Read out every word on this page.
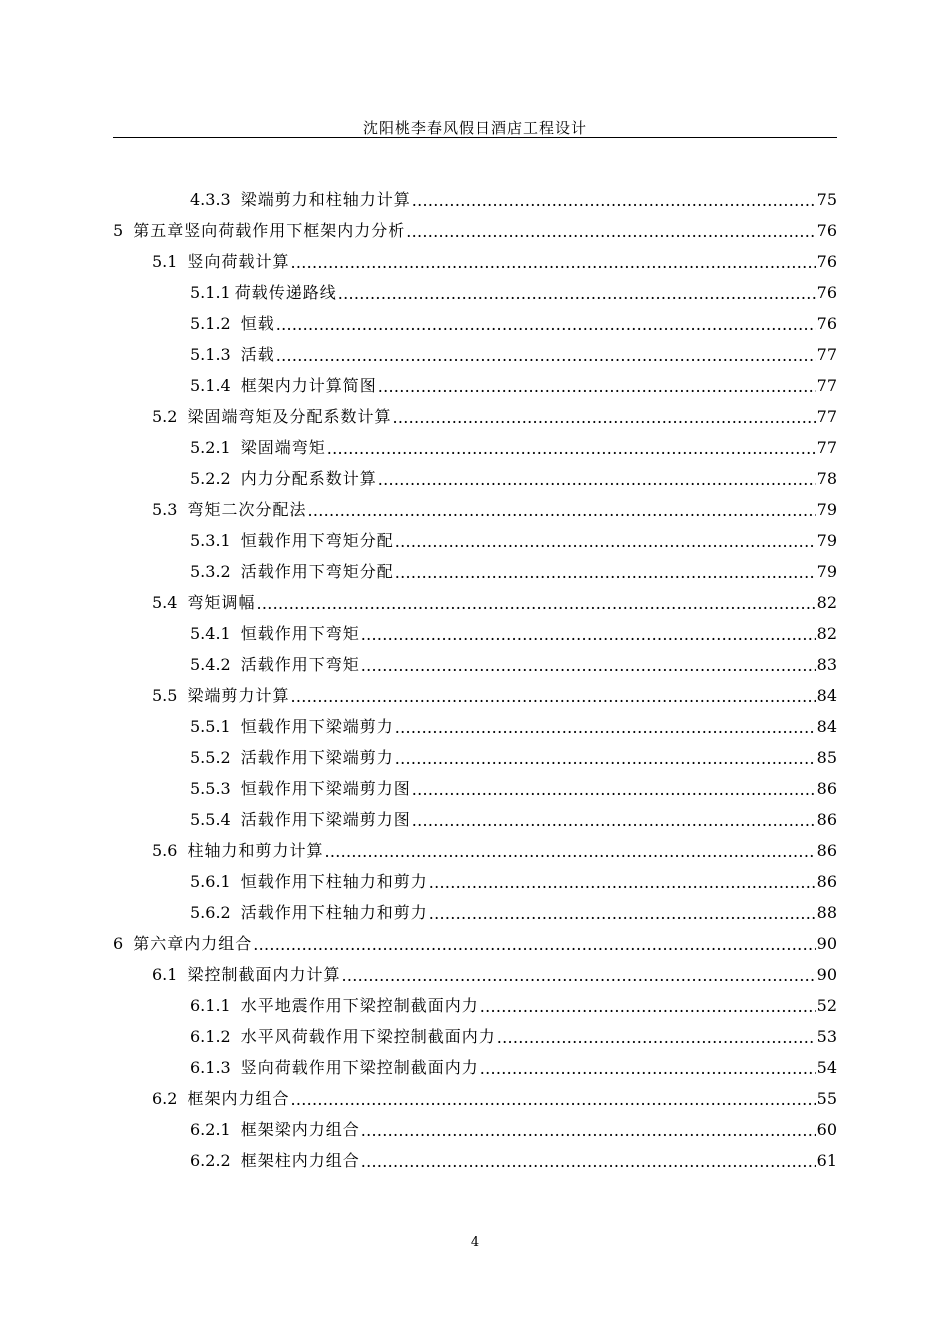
沈阳桃李春风假日酒店工程设计
4.3.3 梁端剪力和柱轴力计算 .....	75
5 第五章竖向荷载作用下框架内力分析 .....	76
5.1 竖向荷载计算 .....	76
5.1.1 荷载传递路线 .....	76
5.1.2 恒载 .....	76
5.1.3 活载 .....	77
5.1.4 框架内力计算简图 .....	77
5.2 梁固端弯矩及分配系数计算 .....	77
5.2.1 梁固端弯矩 .....	77
5.2.2 内力分配系数计算 .....	78
5.3 弯矩二次分配法 .....	79
5.3.1 恒载作用下弯矩分配 .....	79
5.3.2 活载作用下弯矩分配 .....	79
5.4 弯矩调幅 .....	82
5.4.1 恒载作用下弯矩 .....	82
5.4.2 活载作用下弯矩 .....	83
5.5 梁端剪力计算 .....	84
5.5.1 恒载作用下梁端剪力 .....	84
5.5.2 活载作用下梁端剪力 .....	85
5.5.3 恒载作用下梁端剪力图 .....	86
5.5.4 活载作用下梁端剪力图 .....	86
5.6 柱轴力和剪力计算 .....	86
5.6.1 恒载作用下柱轴力和剪力 .....	86
5.6.2 活载作用下柱轴力和剪力 .....	88
6 第六章内力组合 .....	90
6.1 梁控制截面内力计算 .....	90
6.1.1 水平地震作用下梁控制截面内力 .....	52
6.1.2 水平风荷载作用下梁控制截面内力 .....	53
6.1.3 竖向荷载作用下梁控制截面内力 .....	54
6.2 框架内力组合 .....	55
6.2.1 框架梁内力组合 .....	60
6.2.2 框架柱内力组合 .....	61
4
